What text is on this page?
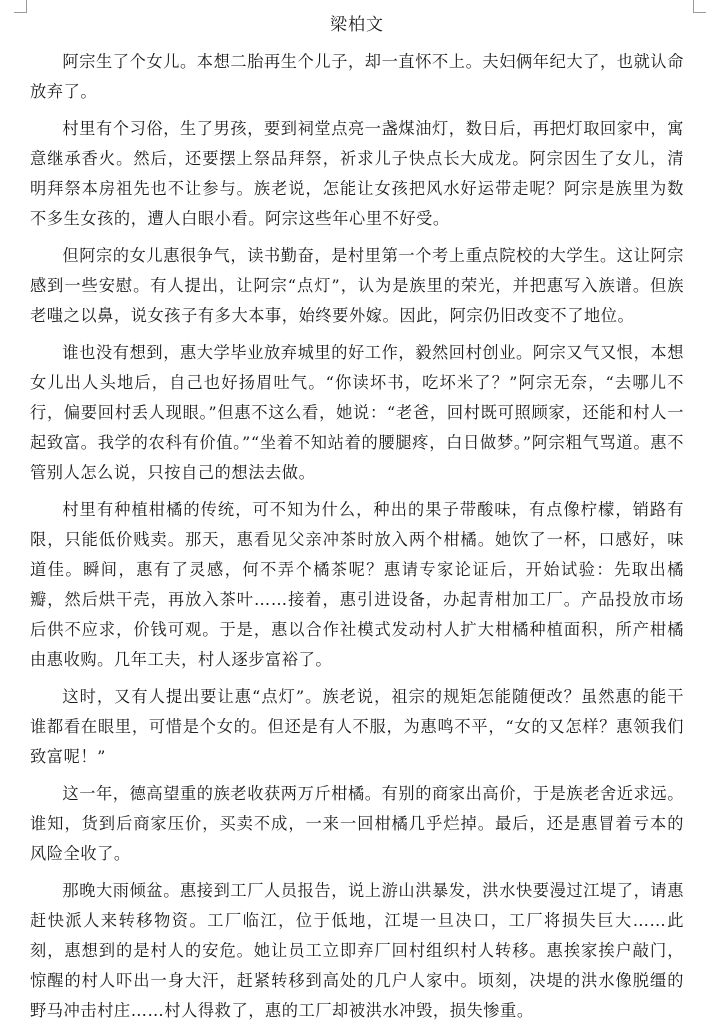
梁柏文

阿宗生了个女儿。本想二胎再生个儿子，却一直怀不上。夫妇俩年纪大了，也就认命放弃了。

村里有个习俗，生了男孩，要到祠堂点亮一盏煤油灯，数日后，再把灯取回家中，寓意继承香火。然后，还要摆上祭品拜祭，祈求儿子快点长大成龙。阿宗因生了女儿，清明拜祭本房祖先也不让参与。族老说，怎能让女孩把风水好运带走呢？阿宗是族里为数不多生女孩的，遭人白眼小看。阿宗这些年心里不好受。

但阿宗的女儿惠很争气，读书勤奋，是村里第一个考上重点院校的大学生。这让阿宗感到一些安慰。有人提出，让阿宗“点灯”，认为是族里的荣光，并把惠写入族谱。但族老嗤之以鼻，说女孩子有多大本事，始终要外嫁。因此，阿宗仍旧改变不了地位。

谁也没有想到，惠大学毕业放弃城里的好工作，毅然回村创业。阿宗又气又恨，本想女儿出人头地后，自己也好扬眉吐气。“你读坏书，吃坏米了？”阿宗无奈，“去哪儿不行，偏要回村丢人现眼。”但惠不这么看，她说：“老爸，回村既可照顾家，还能和村人一起致富。我学的农科有价值。”“坐着不知站着的腰腿疼，白日做梦。”阿宗粗气骂道。惠不管别人怎么说，只按自己的想法去做。

村里有种植柑橘的传统，可不知为什么，种出的果子带酸味，有点像柠檬，销路有限，只能低价贱卖。那天，惠看见父亲冲茶时放入两个柑橘。她饮了一杯，口感好，味道佳。瞬间，惠有了灵感，何不弄个橘茶呢？惠请专家论证后，开始试验：先取出橘瓣，然后烘干壳，再放入茶叶……接着，惠引进设备，办起青柑加工厂。产品投放市场后供不应求，价钱可观。于是，惠以合作社模式发动村人扩大柑橘种植面积，所产柑橘由惠收购。几年工夫，村人逐步富裕了。

这时，又有人提出要让惠“点灯”。族老说，祖宗的规矩怎能随便改？虽然惠的能干谁都看在眼里，可惜是个女的。但还是有人不服，为惠鸣不平，“女的又怎样？惠领我们致富呢！”

这一年，德高望重的族老收获两万斤柑橘。有别的商家出高价，于是族老舍近求远。谁知，货到后商家压价，买卖不成，一来一回柑橘几乎烂掉。最后，还是惠冒着亏本的风险全收了。

那晚大雨倾盆。惠接到工厂人员报告，说上游山洪暴发，洪水快要漫过江堤了，请惠赶快派人来转移物资。工厂临江，位于低地，江堤一旦决口，工厂将损失巨大……此刻，惠想到的是村人的安危。她让员工立即弃厂回村组织村人转移。惠挨家挨户敲门，惊醒的村人吓出一身大汗，赶紧转移到高处的几户人家中。顷刻，决堤的洪水像脱缰的野马冲击村庄……村人得救了，惠的工厂却被洪水冲毁，损失惨重。
